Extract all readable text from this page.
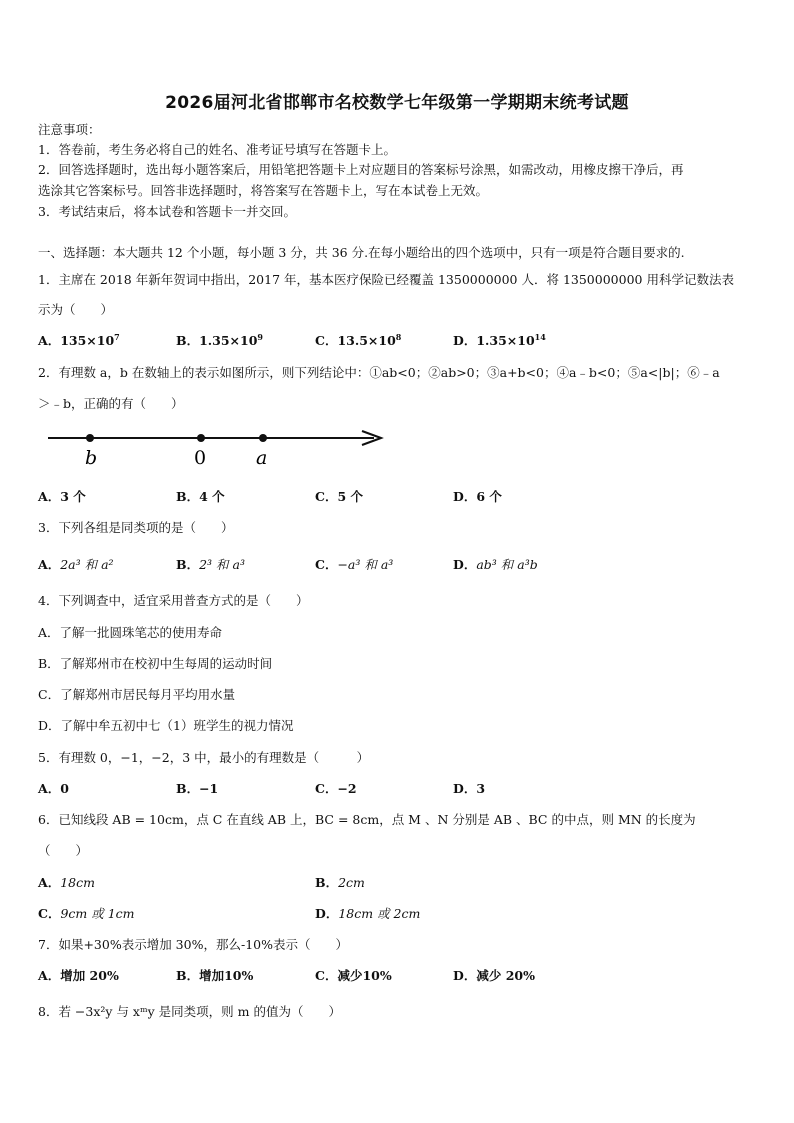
2026届河北省邯郸市名校数学七年级第一学期期末统考试题
注意事项：
1．答卷前，考生务必将自己的姓名、准考证号填写在答题卡上。
2．回答选择题时，选出每小题答案后，用铅笔把答题卡上对应题目的答案标号涂黑，如需改动，用橡皮擦干净后，再
选涂其它答案标号。回答非选择题时，将答案写在答题卡上，写在本试卷上无效。
3．考试结束后，将本试卷和答题卡一并交回。
一、选择题：本大题共 12 个小题，每小题 3 分，共 36 分.在每小题给出的四个选项中，只有一项是符合题目要求的.
1．主席在 2018 年新年贺词中指出，2017 年，基本医疗保险已经覆盖 1350000000 人．将 1350000000 用科学记数法表
示为（　　）
A．$135\times 10^7$	B．$1.35\times 10^9$	C．$13.5\times 10^8$	D．$1.35\times 10^{14}$
2．有理数 a，b 在数轴上的表示如图所示，则下列结论中：①ab<0；②ab>0；③a+b<0；④a﹣b<0；⑤a<|b|；⑥﹣a
＞﹣b，正确的有（　　）
b	0	a
A．3 个	B．4 个	C．5 个	D．6 个
3．下列各组是同类项的是（　　）
A．2a³ 和 a²	B．2³ 和 a³	C．−a³ 和 a³	D．ab³ 和 a³b
4．下列调查中，适宜采用普查方式的是（　　）
A．了解一批圆珠笔芯的使用寿命
B．了解郑州市在校初中生每周的运动时间
C．了解郑州市居民每月平均用水量
D．了解中牟五初中七（1）班学生的视力情况
5．有理数 0，−1，−2，3 中，最小的有理数是（　　　）
A．0	B．−1	C．−2	D．3
6．已知线段 AB = 10cm，点 C 在直线 AB 上，BC = 8cm，点 M 、N 分别是 AB 、BC 的中点，则 MN 的长度为
（　　）
A．18cm	B．2cm
C．9cm 或 1cm	D．18cm 或 2cm
7．如果+30%表示增加 30%，那么-10%表示（　　）
A．增加 20%	B．增加10%	C．减少10%	D．减少 20%
8．若 −3x²y 与 xᵐy 是同类项，则 m 的值为（　　）
